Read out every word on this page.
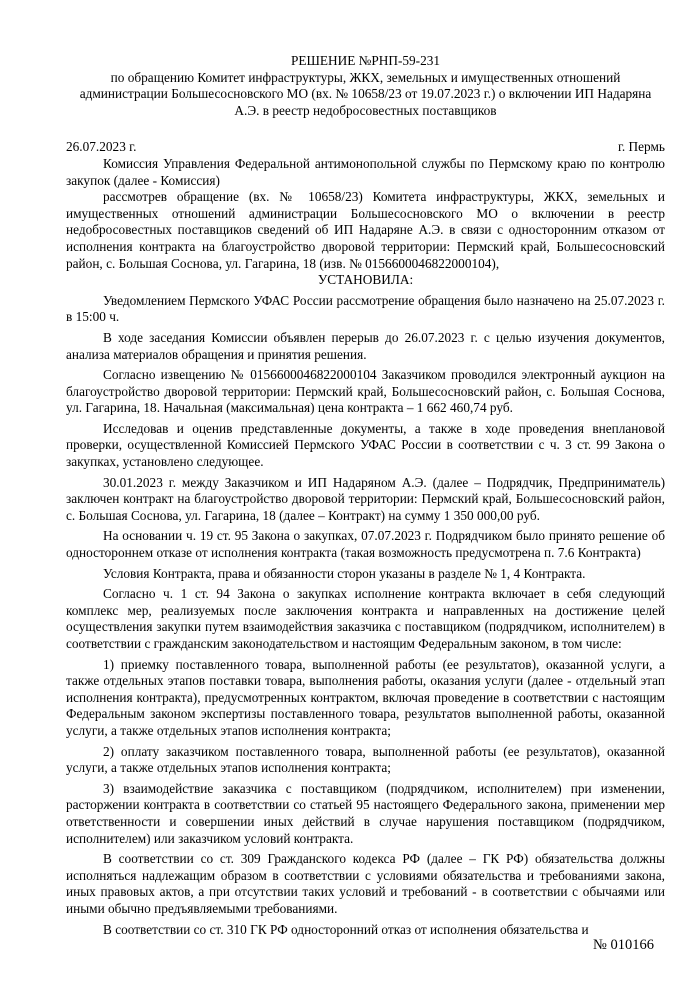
РЕШЕНИЕ №РНП-59-231
по обращению Комитет инфраструктуры, ЖКХ, земельных и имущественных отношений администрации Большесосновского МО (вх. № 10658/23 от 19.07.2023 г.) о включении ИП Надаряна А.Э. в реестр недобросовестных поставщиков
26.07.2023 г.	г. Пермь

Комиссия Управления Федеральной антимонопольной службы по Пермскому краю по контролю закупок (далее - Комиссия)

рассмотрев обращение (вх. № 10658/23) Комитета инфраструктуры, ЖКХ, земельных и имущественных отношений администрации Большесосновского МО о включении в реестр недобросовестных поставщиков сведений об ИП Надаряне А.Э. в связи с односторонним отказом от исполнения контракта на благоустройство дворовой территории: Пермский край, Большесосновский район, с. Большая Сосновa, ул. Гагарина, 18 (изв. № 0156600046822000104),

УСТАНОВИЛА:

Уведомлением Пермского УФАС России рассмотрение обращения было назначено на 25.07.2023 г. в 15:00 ч.

В ходе заседания Комиссии объявлен перерыв до 26.07.2023 г. с целью изучения документов, анализа материалов обращения и принятия решения.

Согласно извещению № 0156600046822000104 Заказчиком проводился электронный аукцион на благоустройство дворовой территории: Пермский край, Большесосновский район, с. Большая Соснова, ул. Гагарина, 18. Начальная (максимальная) цена контракта – 1 662 460,74 руб.

Исследовав и оценив представленные документы, а также в ходе проведения внеплановой проверки, осуществленной Комиссией Пермского УФАС России в соответствии с ч. 3 ст. 99 Закона о закупках, установлено следующее.

30.01.2023 г. между Заказчиком и ИП Надаряном А.Э. (далее – Подрядчик, Предприниматель) заключен контракт на благоустройство дворовой территории: Пермский край, Большесосновский район, с. Большая Соснова, ул. Гагарина, 18 (далее – Контракт) на сумму 1 350 000,00 руб.

На основании ч. 19 ст. 95 Закона о закупках, 07.07.2023 г. Подрядчиком было принято решение об одностороннем отказе от исполнения контракта (такая возможность предусмотрена п. 7.6 Контракта)

Условия Контракта, права и обязанности сторон указаны в разделе № 1, 4 Контракта.

Согласно ч. 1 ст. 94 Закона о закупках исполнение контракта включает в себя следующий комплекс мер, реализуемых после заключения контракта и направленных на достижение целей осуществления закупки путем взаимодействия заказчика с поставщиком (подрядчиком, исполнителем) в соответствии с гражданским законодательством и настоящим Федеральным законом, в том числе:

1) приемку поставленного товара, выполненной работы (ее результатов), оказанной услуги, а также отдельных этапов поставки товара, выполнения работы, оказания услуги (далее - отдельный этап исполнения контракта), предусмотренных контрактом, включая проведение в соответствии с настоящим Федеральным законом экспертизы поставленного товара, результатов выполненной работы, оказанной услуги, а также отдельных этапов исполнения контракта;

2) оплату заказчиком поставленного товара, выполненной работы (ее результатов), оказанной услуги, а также отдельных этапов исполнения контракта;

3) взаимодействие заказчика с поставщиком (подрядчиком, исполнителем) при изменении, расторжении контракта в соответствии со статьей 95 настоящего Федерального закона, применении мер ответственности и совершении иных действий в случае нарушения поставщиком (подрядчиком, исполнителем) или заказчиком условий контракта.

В соответствии со ст. 309 Гражданского кодекса РФ (далее – ГК РФ) обязательства должны исполняться надлежащим образом в соответствии с условиями обязательства и требованиями закона, иных правовых актов, а при отсутствии таких условий и требований - в соответствии с обычаями или иными обычно предъявляемыми требованиями.

В соответствии со ст. 310 ГК РФ односторонний отказ от исполнения обязательства и

№ 010166
